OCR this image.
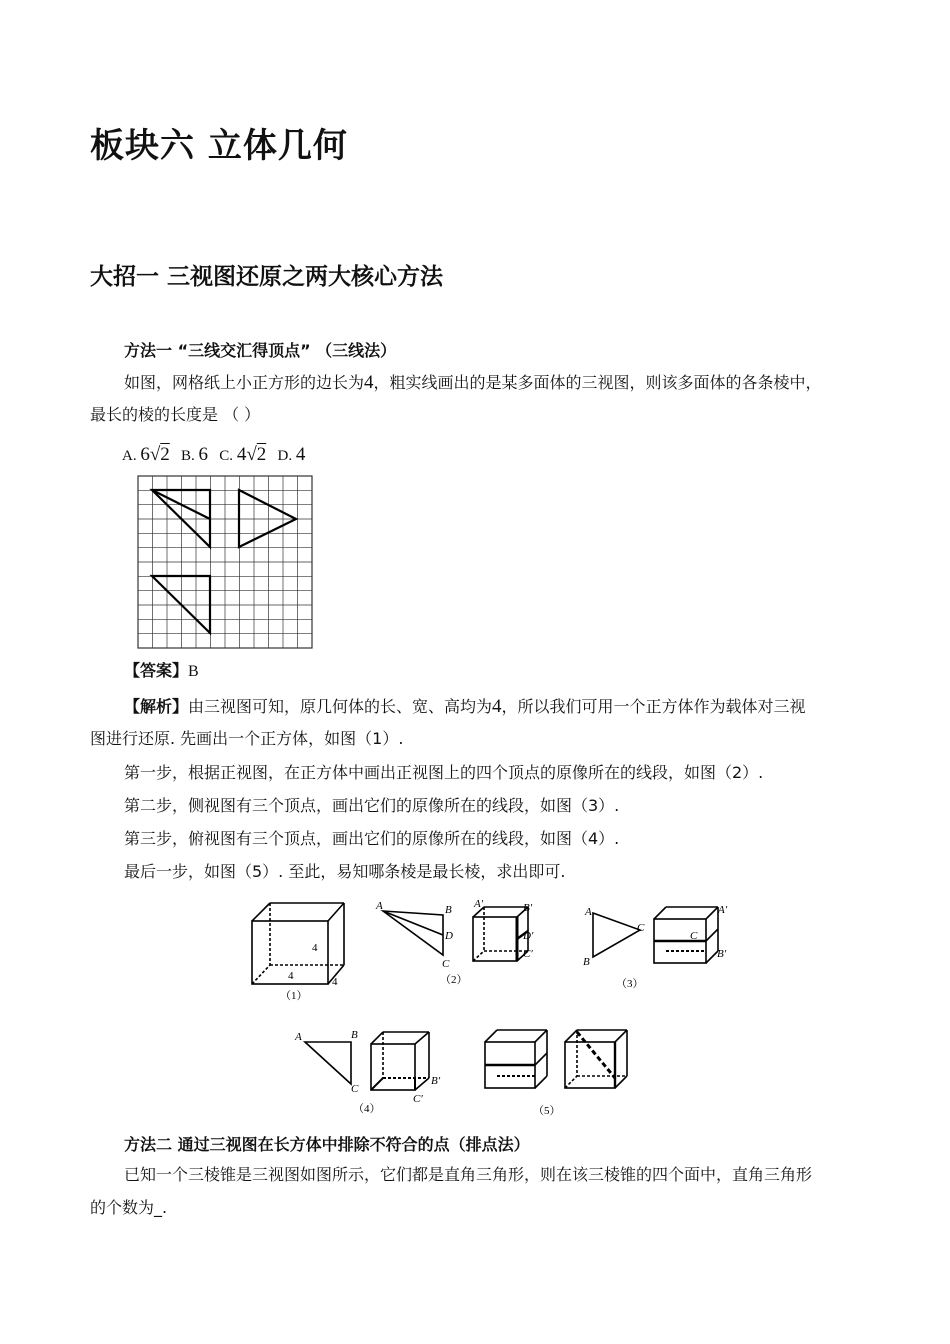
板块六 立体几何
大招一 三视图还原之两大核心方法
方法一 “三线交汇得顶点” （三线法）
如图，网格纸上小正方形的边长为4，粗实线画出的是某多面体的三视图，则该多面体的各条棱中，
最长的棱的长度是 （ ）
A. 6√2 B. 6 C. 4√2 D. 4
【答案】B
【解析】由三视图可知，原几何体的长、宽、高均为4，所以我们可用一个正方体作为载体对三视
图进行还原. 先画出一个正方体，如图（1）.
第一步，根据正视图，在正方体中画出正视图上的四个顶点的原像所在的线段，如图（2）.
第二步，侧视图有三个顶点，画出它们的原像所在的线段，如图（3）.
第三步，俯视图有三个顶点，画出它们的原像所在的线段，如图（4）.
最后一步，如图（5）. 至此，易知哪条棱是最长棱，求出即可.
A	B
D
C
A′	B′
D′
C′
A
C
B
A′
C
B′
4
4	4
（1）
（2）	（3）
A	B
C
B′
C′
（4）	（5）
方法二 通过三视图在长方体中排除不符合的点（排点法）
已知一个三棱锥是三视图如图所示，它们都是直角三角形，则在该三棱锥的四个面中，直角三角形
的个数为_.
